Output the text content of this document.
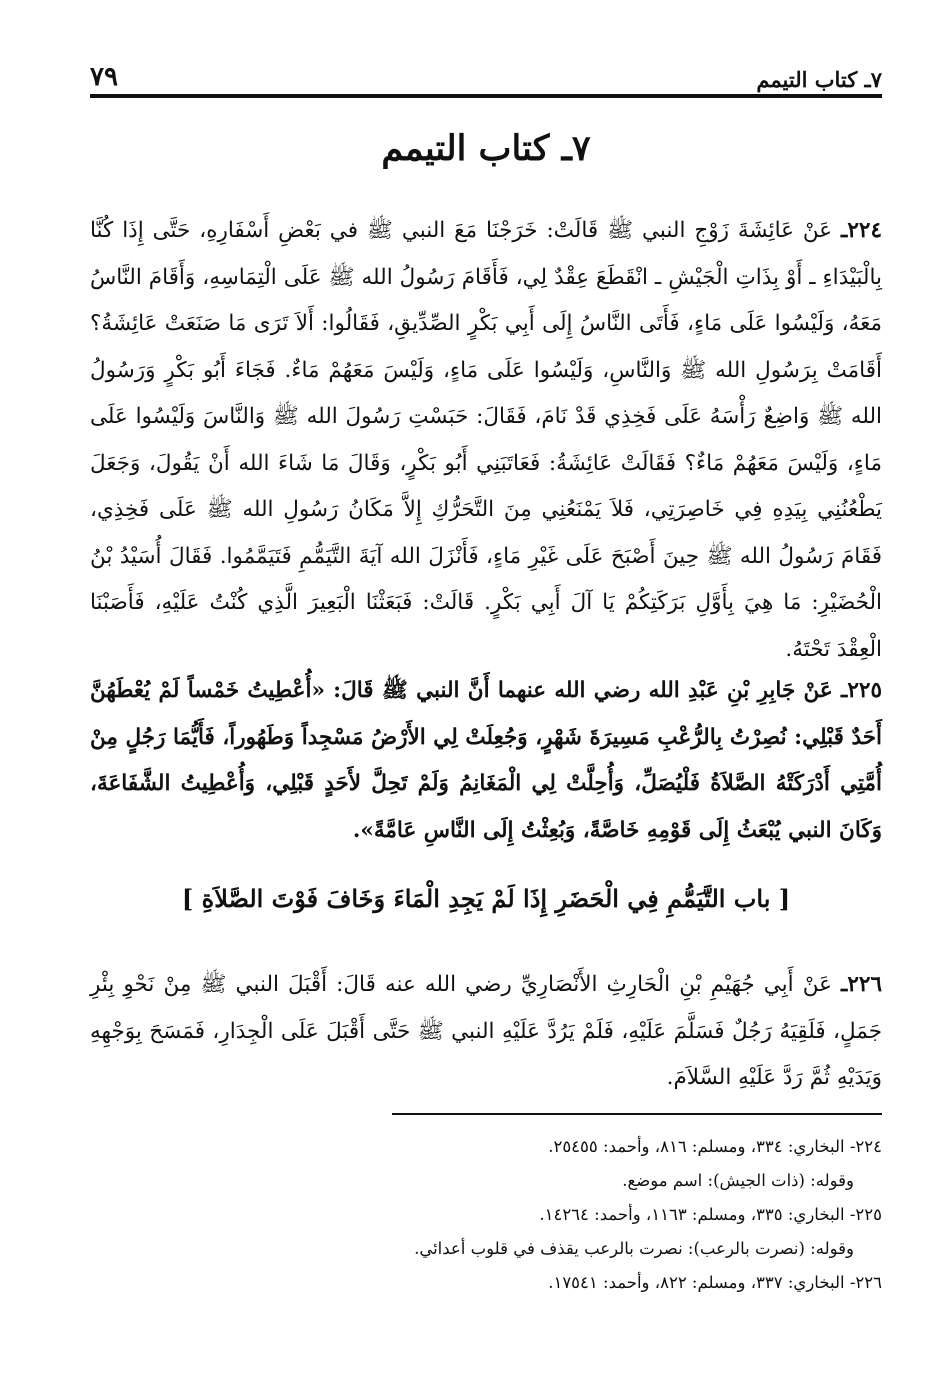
٧ـ كتاب التيمم
٧٩
٧ـ كتاب التيمم

٢٢٤ـ عَنْ عَائِشَةَ زَوْجِ النبي ﷺ قَالَتْ: خَرَجْنَا مَعَ النبي ﷺ في بَعْضِ أَسْفَارِهِ، حَتَّى إِذَا كُنَّا بِالْبَيْدَاءِ ـ أَوْ بِذَاتِ الْجَيْشِ ـ انْقَطَعَ عِقْدٌ لِي، فَأَقَامَ رَسُولُ الله ﷺ عَلَى الْتِمَاسِهِ، وَأَقَامَ النَّاسُ مَعَهُ، وَلَيْسُوا عَلَى مَاءٍ، فَأَتَى النَّاسُ إِلَى أَبِي بَكْرٍ الصِّدِّيقِ، فَقَالُوا: أَلاَ تَرَى مَا صَنَعَتْ عَائِشَةُ؟ أَقَامَتْ بِرَسُولِ الله ﷺ وَالنَّاسِ، وَلَيْسُوا عَلَى مَاءٍ، وَلَيْسَ مَعَهُمْ مَاءٌ. فَجَاءَ أَبُو بَكْرٍ وَرَسُولُ الله ﷺ وَاضِعٌ رَأْسَهُ عَلَى فَخِذِي قَدْ نَامَ، فَقَالَ: حَبَسْتِ رَسُولَ الله ﷺ وَالنَّاسَ وَلَيْسُوا عَلَى مَاءٍ، وَلَيْسَ مَعَهُمْ مَاءٌ؟ فَقَالَتْ عَائِشَةُ: فَعَاتَبَنِي أَبُو بَكْرٍ، وَقَالَ مَا شَاءَ الله أَنْ يَقُولَ، وَجَعَلَ يَطْعُنُنِي بِيَدِهِ فِي خَاصِرَتِي، فَلاَ يَمْنَعُنِي مِنَ التَّحَرُّكِ إِلاَّ مَكَانُ رَسُولِ الله ﷺ عَلَى فَخِذِي، فَقَامَ رَسُولُ الله ﷺ حِينَ أَصْبَحَ عَلَى غَيْرِ مَاءٍ، فَأَنْزَلَ الله آيَةَ التَّيَمُّمِ فَتَيَمَّمُوا. فَقَالَ أُسَيْدُ بْنُ الْحُضَيْرِ: مَا هِيَ بِأَوَّلِ بَرَكَتِكُمْ يَا آلَ أَبِي بَكْرٍ. قَالَتْ: فَبَعَثْنَا الْبَعِيرَ الَّذِي كُنْتُ عَلَيْهِ، فَأَصَبْنَا الْعِقْدَ تَحْتَهُ.

٢٢٥ـ عَنْ جَابِرِ بْنِ عَبْدِ الله رضي الله عنهما أَنَّ النبي ﷺ قَالَ: «أُعْطِيتُ خَمْساً لَمْ يُعْطَهُنَّ أَحَدٌ قَبْلِي: نُصِرْتُ بِالرُّعْبِ مَسِيرَةَ شَهْرٍ، وَجُعِلَتْ لِي الأَرْضُ مَسْجِداً وَطَهُوراً، فَأَيُّمَا رَجُلٍ مِنْ أُمَّتِي أَدْرَكَتْهُ الصَّلاَةُ فَلْيُصَلِّ، وَأُحِلَّتْ لِي الْمَغَانِمُ وَلَمْ تَحِلَّ لأَحَدٍ قَبْلِي، وَأُعْطِيتُ الشَّفَاعَةَ، وَكَانَ النبي يُبْعَثُ إِلَى قَوْمِهِ خَاصَّةً، وَبُعِثْتُ إِلَى النَّاسِ عَامَّةً».

[ باب التَّيَمُّمِ فِي الْحَضَرِ إِذَا لَمْ يَجِدِ الْمَاءَ وَخَافَ فَوْتَ الصَّلاَةِ ]

٢٢٦ـ عَنْ أَبِي جُهَيْمِ بْنِ الْحَارِثِ الأَنْصَارِيِّ رضي الله عنه قَالَ: أَقْبَلَ النبي ﷺ مِنْ نَحْوِ بِئْرِ جَمَلٍ، فَلَقِيَهُ رَجُلٌ فَسَلَّمَ عَلَيْهِ، فَلَمْ يَرُدَّ عَلَيْهِ النبي ﷺ حَتَّى أَقْبَلَ عَلَى الْجِدَارِ، فَمَسَحَ بِوَجْهِهِ وَيَدَيْهِ ثُمَّ رَدَّ عَلَيْهِ السَّلاَمَ.

٢٢٤- البخاري: ٣٣٤، ومسلم: ٨١٦، وأحمد: ٢٥٤٥٥.
وقوله: (ذات الجيش): اسم موضع.
٢٢٥- البخاري: ٣٣٥، ومسلم: ١١٦٣، وأحمد: ١٤٢٦٤.
وقوله: (نصرت بالرعب): نصرت بالرعب يقذف في قلوب أعدائي.
٢٢٦- البخاري: ٣٣٧، ومسلم: ٨٢٢، وأحمد: ١٧٥٤١.
